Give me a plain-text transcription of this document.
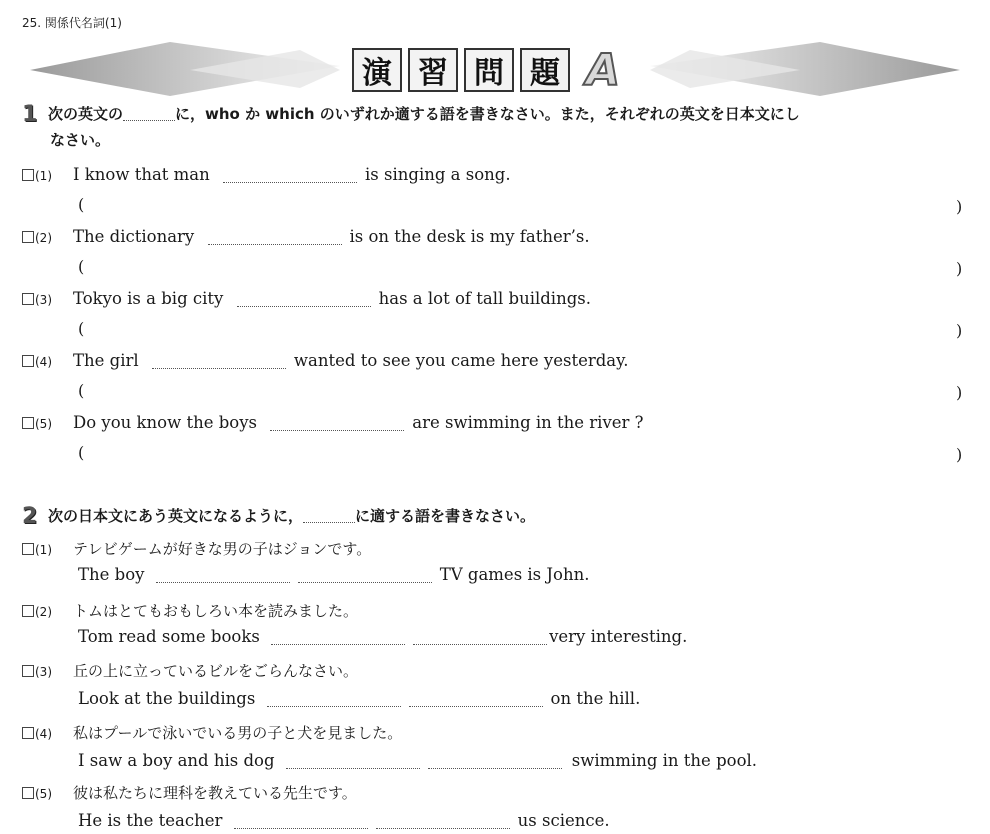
25. 関係代名詞(1)
演 習 問 題 A
1 次の英文の	に，who か which のいずれか適する語を書きなさい。また，それぞれの英文を日本文にし
なさい。
(1) I know that man	is singing a song.
(	)
(2) The dictionary	is on the desk is my father’s.
(	)
(3) Tokyo is a big city	has a lot of tall buildings.
(	)
(4) The girl	wanted to see you came here yesterday.
(	)
(5) Do you know the boys	are swimming in the river ?
(	)
2 次の日本文にあう英文になるように，	に適する語を書きなさい。
(1) テレビゲームが好きな男の子はジョンです。
The boy	TV games is John.
(2) トムはとてもおもしろい本を読みました。
Tom read some books	very interesting.
(3) 丘の上に立っているビルをごらんなさい。
Look at the buildings	on the hill.
(4) 私はプールで泳いでいる男の子と犬を見ました。
I saw a boy and his dog	swimming in the pool.
(5) 彼は私たちに理科を教えている先生です。
He is the teacher	us science.
